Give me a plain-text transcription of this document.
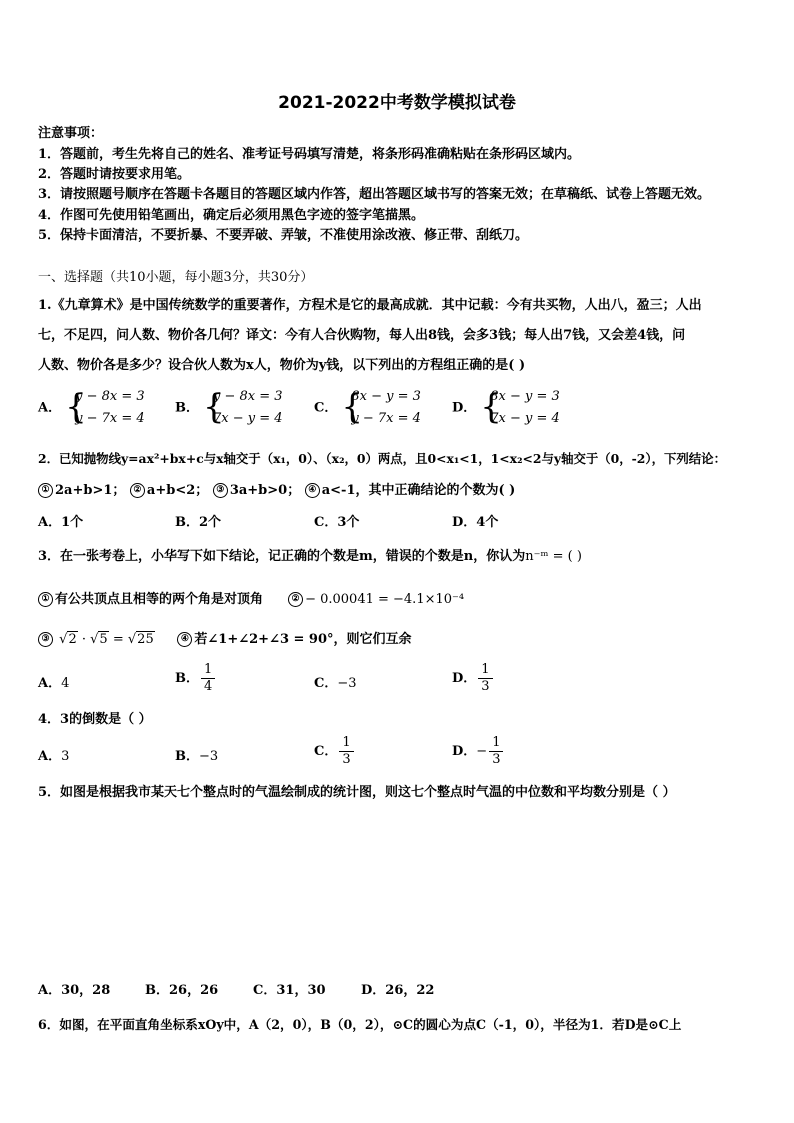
2021-2022中考数学模拟试卷
注意事项：
1．答题前，考生先将自己的姓名、准考证号码填写清楚，将条形码准确粘贴在条形码区域内。
2．答题时请按要求用笔。
3．请按照题号顺序在答题卡各题目的答题区域内作答，超出答题区域书写的答案无效；在草稿纸、试卷上答题无效。
4．作图可先使用铅笔画出，确定后必须用黑色字迹的签字笔描黑。
5．保持卡面清洁，不要折暴、不要弄破、弄皱，不准使用涂改液、修正带、刮纸刀。
一、选择题（共10小题，每小题3分，共30分）
1.《九章算术》是中国传统数学的重要著作，方程术是它的最高成就．其中记载：今有共买物，人出八，盈三；人出
七，不足四，问人数、物价各几何？译文：今有人合伙购物，每人出8钱，会多3钱；每人出7钱，又会差4钱，问
人数、物价各是多少？设合伙人数为x人，物价为y钱，以下列出的方程组正确的是( )
A． {
y − 8x = 3
y − 7x = 4
B． {
y − 8x = 3
7x − y = 4
C． {
8x − y = 3
y − 7x = 4
D． {
8x − y = 3
7x − y = 4
2．已知抛物线y=ax²+bx+c与x轴交于（x₁，0）、（x₂，0）两点，且0<x₁<1，1<x₂<2与y轴交于（0，-2），下列结论：
① 2a+b>1； ② a+b<2； ③ 3a+b>0； ④ a<-1，其中正确结论的个数为( )
A．1个	B．2个	C．3个	D．4个
3．在一张考卷上，小华写下如下结论，记正确的个数是m，错误的个数是n，你认为n⁻ᵐ = ( )
① 有公共顶点且相等的两个角是对顶角	② − 0.00041 = −4.1×10⁻⁴
③ √2 · √5 = √25	④ 若∠1+∠2+∠3 = 90°，则它们互余
A．4	B． $\frac{1}{4}$	C．−3	D． $\frac{1}{3}$
4．3的倒数是（ ）
A．3	B．−3	C． $\frac{1}{3}$	D．− $\frac{1}{3}$
5．如图是根据我市某天七个整点时的气温绘制成的统计图，则这七个整点时气温的中位数和平均数分别是（ ）
A．30，28	B．26，26	C．31，30	D．26，22
6．如图，在平面直角坐标系xOy中，A（2，0），B（0，2），⊙C的圆心为点C（-1，0），半径为1．若D是⊙C上
